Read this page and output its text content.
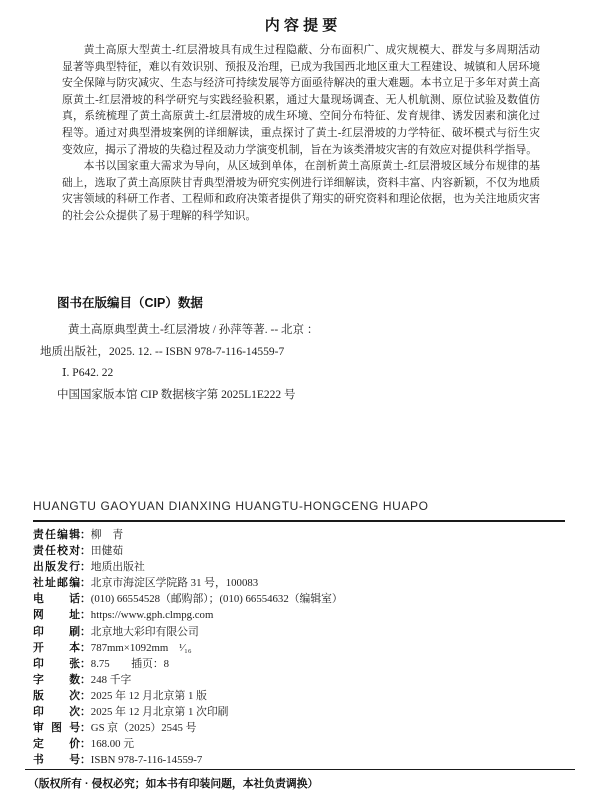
内 容 提 要

黄土高原大型黄土-红层滑坡具有成生过程隐蔽、分布面积广、成灾规模大、群发与多周期活动显著等典型特征，难以有效识别、预报及治理，已成为我国西北地区重大工程建设、城镇和人居环境安全保障与防灾减灾、生态与经济可持续发展等方面亟待解决的重大难题。本书立足于多年对黄土高原黄土-红层滑坡的科学研究与实践经验积累，通过大量现场调查、无人机航测、原位试验及数值仿真，系统梳理了黄土高原黄土-红层滑坡的成生环境、空间分布特征、发育规律、诱发因素和演化过程等。通过对典型滑坡案例的详细解读，重点探讨了黄土-红层滑坡的力学特征、破坏模式与衍生灾变效应，揭示了滑坡的失稳过程及动力学演变机制，旨在为该类滑坡灾害的有效应对提供科学指导。

本书以国家重大需求为导向，从区域到单体，在剖析黄土高原黄土-红层滑坡区域分布规律的基础上，选取了黄土高原陕甘青典型滑坡为研究实例进行详细解读，资料丰富、内容新颖，不仅为地质灾害领域的科研工作者、工程师和政府决策者提供了翔实的研究资料和理论依据，也为关注地质灾害的社会公众提供了易于理解的科学知识。

图书在版编目（CIP）数据
黄土高原典型黄土-红层滑坡 / 孙萍等著. -- 北京 ：
地质出版社，2025. 12. -- ISBN 978-7-116-14559-7
Ⅰ. P642. 22
中国国家版本馆 CIP 数据核字第 2025L1E222 号
HUANGTU GAOYUAN DIANXING HUANGTU-HONGCENG HUAPO
责任编辑：柳　青
责任校对：田健茹
出版发行：地质出版社
社址邮编：北京市海淀区学院路 31 号，100083
电话：(010) 66554528（邮购部）；(010) 66554632（编辑室）
网址：https://www.gph.clmpg.com
印刷：北京地大彩印有限公司
开本：787mm×1092mm　¹⁄₁₆
印张：8.75　　插页：8
字数：248 千字
版次：2025 年 12 月北京第 1 版
印次：2025 年 12 月北京第 1 次印刷
审图号：GS 京（2025）2545 号
定价：168.00 元
书号：ISBN 978-7-116-14559-7
（版权所有 · 侵权必究；如本书有印装问题，本社负责调换）
